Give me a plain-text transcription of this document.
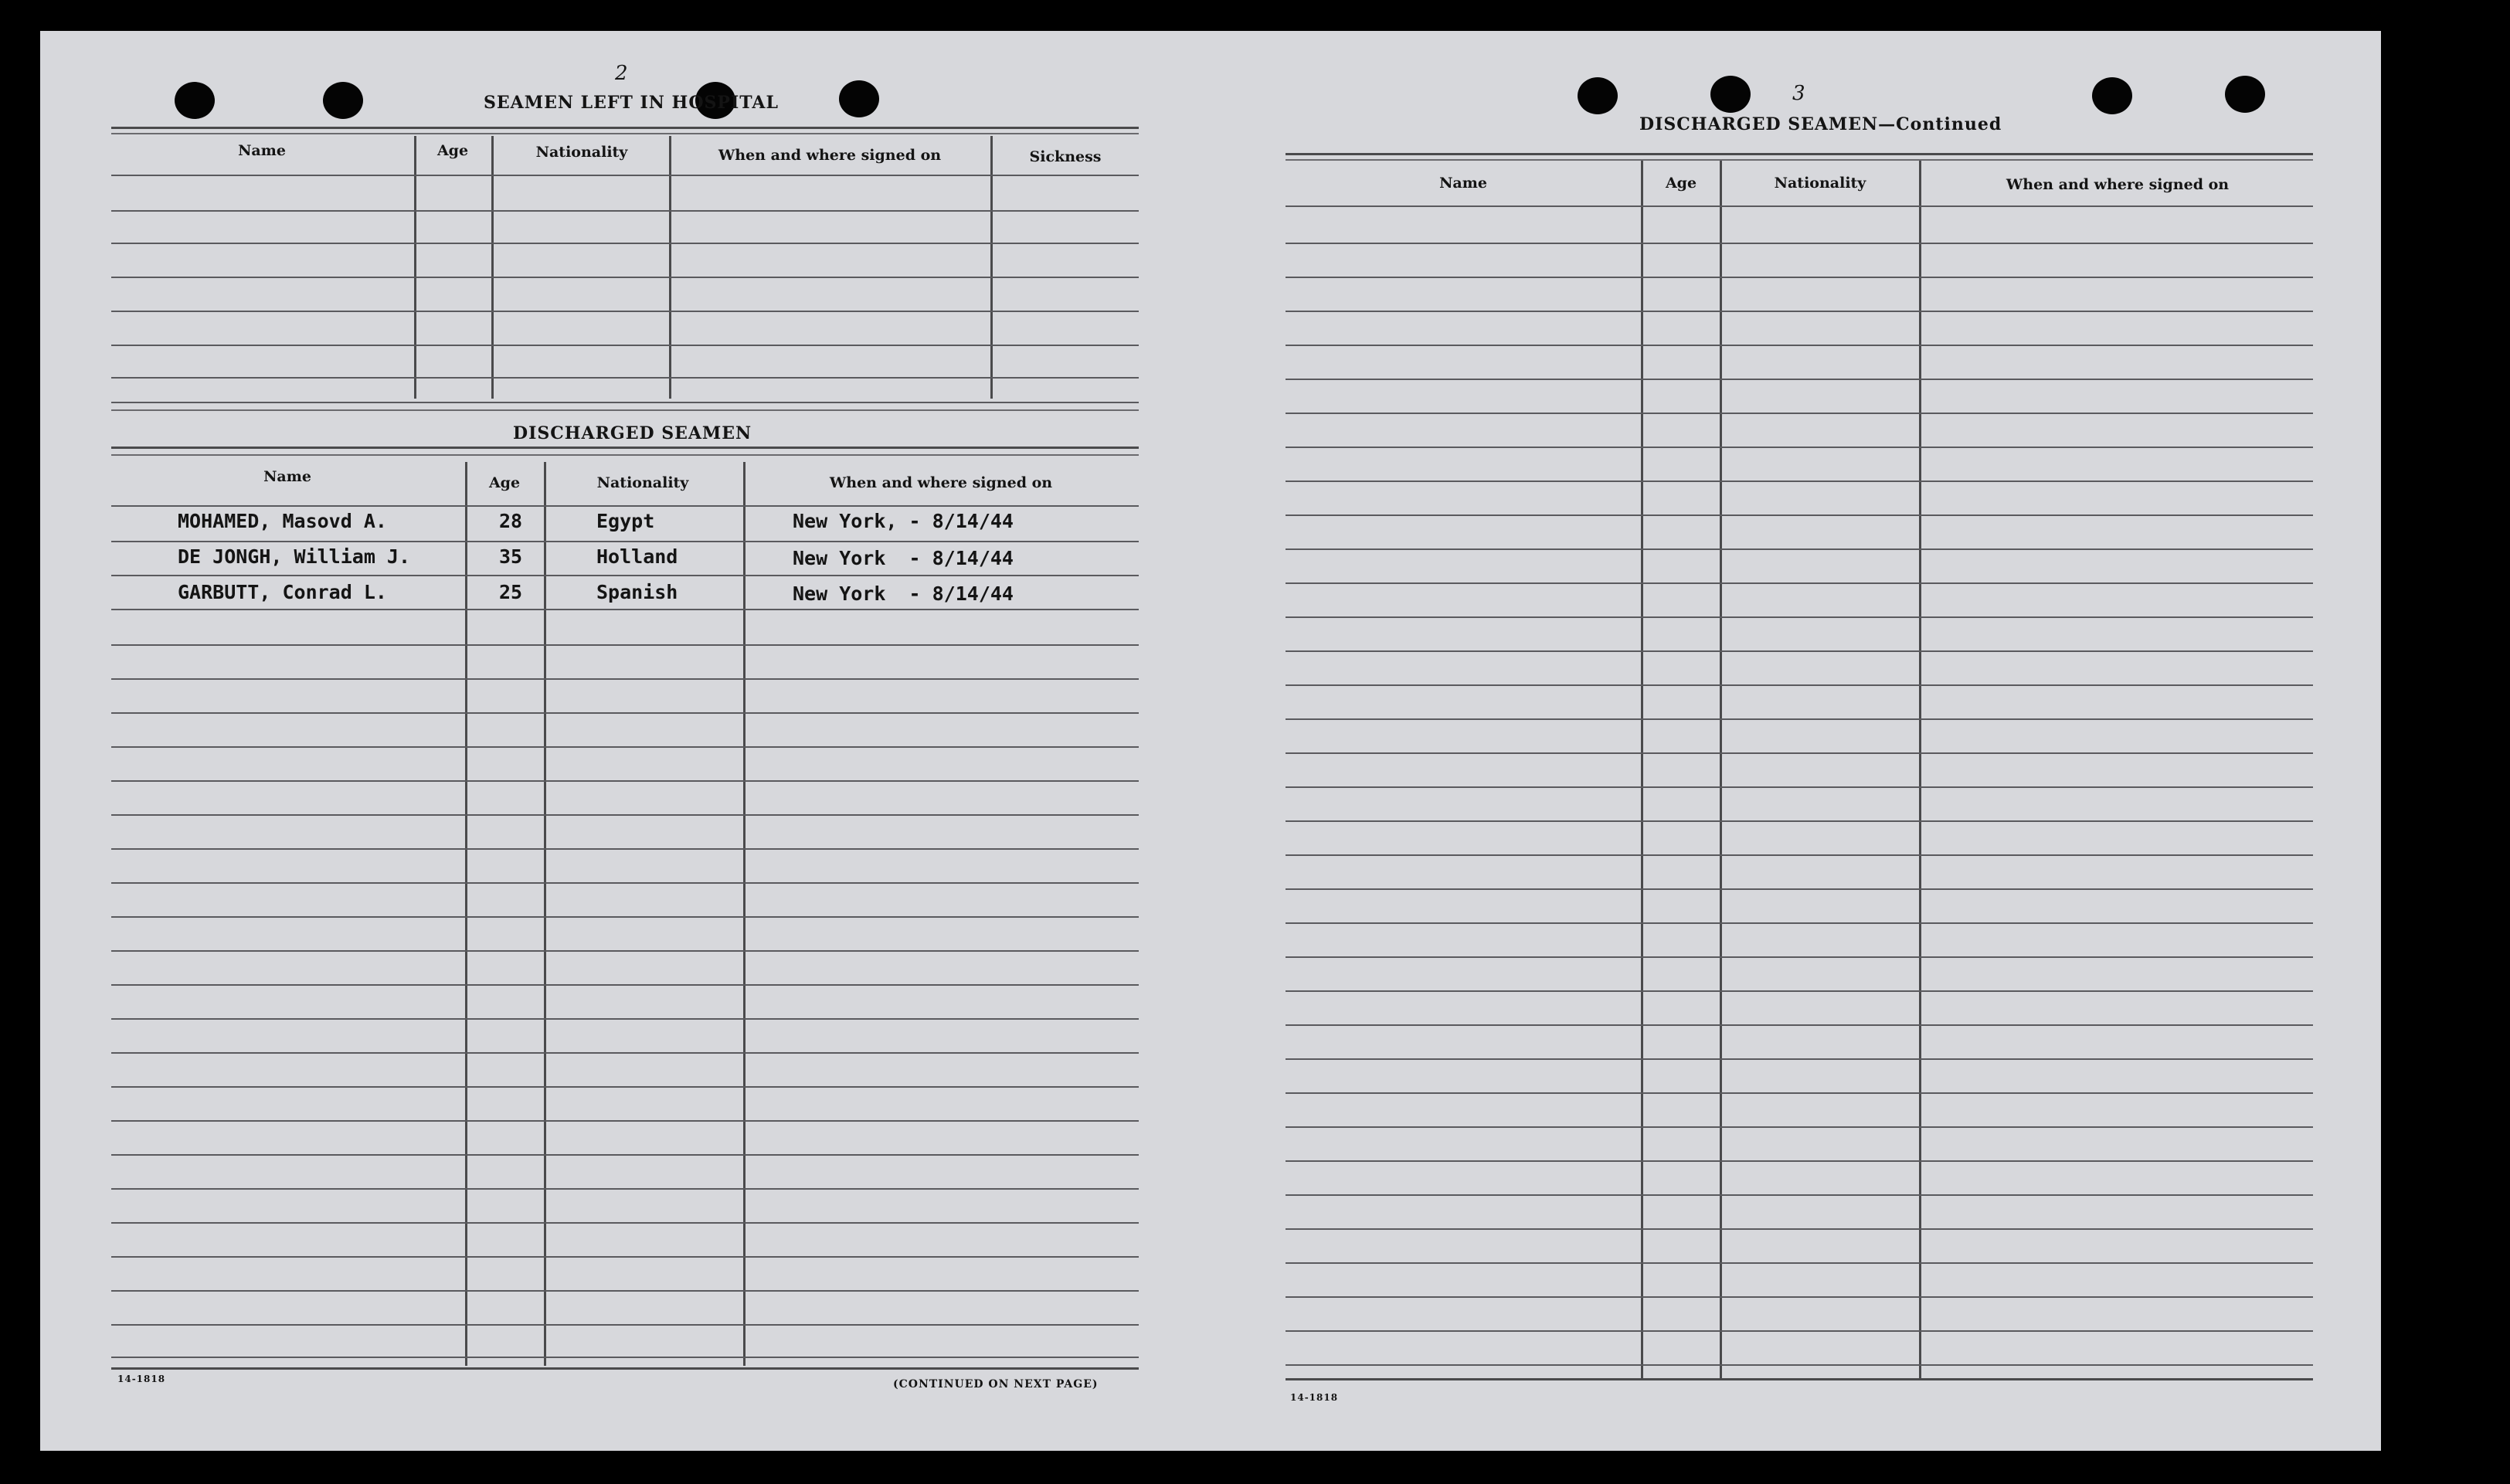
2
SEAMEN LEFT IN HOSPITAL
Name	Age	Nationality	When and where signed on	Sickness
DISCHARGED SEAMEN
Name	Age	Nationality	When and where signed on
MOHAMED, Masovd A.	28	Egypt	New York, - 8/14/44
DE JONGH, William J.	35	Holland	New York  - 8/14/44
GARBUTT, Conrad L.	25	Spanish	New York  - 8/14/44
14-1818	(CONTINUED ON NEXT PAGE)
3
DISCHARGED SEAMEN—Continued
Name	Age	Nationality	When and where signed on
14-1818
